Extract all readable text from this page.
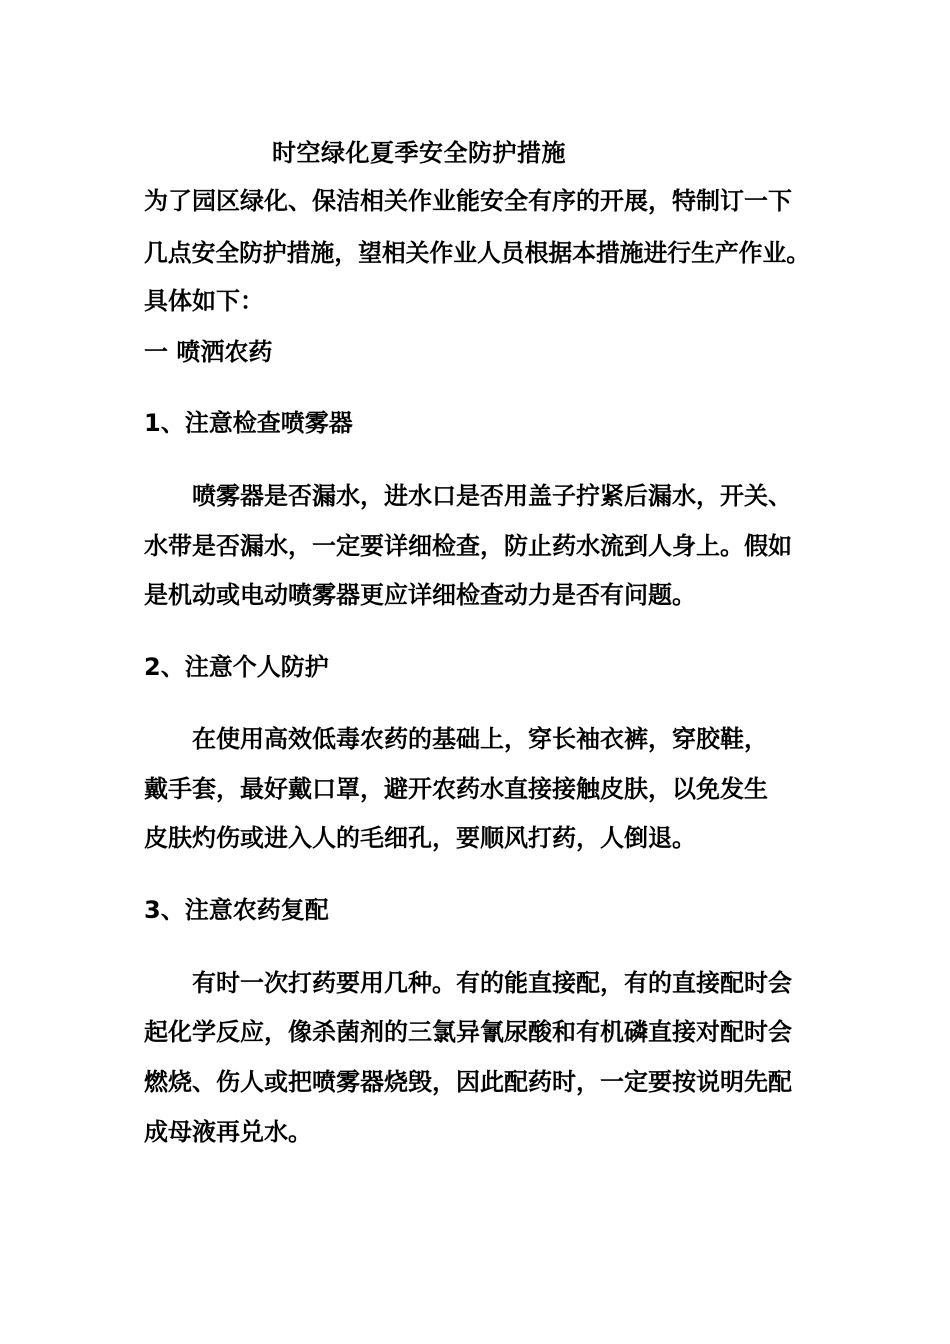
时空绿化夏季安全防护措施
为了园区绿化、保洁相关作业能安全有序的开展，特制订一下
几点安全防护措施，望相关作业人员根据本措施进行生产作业。
具体如下：
一 喷洒农药
1、注意检查喷雾器
喷雾器是否漏水，进水口是否用盖子拧紧后漏水，开关、
水带是否漏水，一定要详细检查，防止药水流到人身上。假如
是机动或电动喷雾器更应详细检查动力是否有问题。
2、注意个人防护
在使用高效低毒农药的基础上，穿长袖衣裤，穿胶鞋，
戴手套，最好戴口罩，避开农药水直接接触皮肤，以免发生
皮肤灼伤或进入人的毛细孔，要顺风打药，人倒退。
3、注意农药复配
有时一次打药要用几种。有的能直接配，有的直接配时会
起化学反应，像杀菌剂的三氯异氰尿酸和有机磷直接对配时会
燃烧、伤人或把喷雾器烧毁，因此配药时，一定要按说明先配
成母液再兑水。
